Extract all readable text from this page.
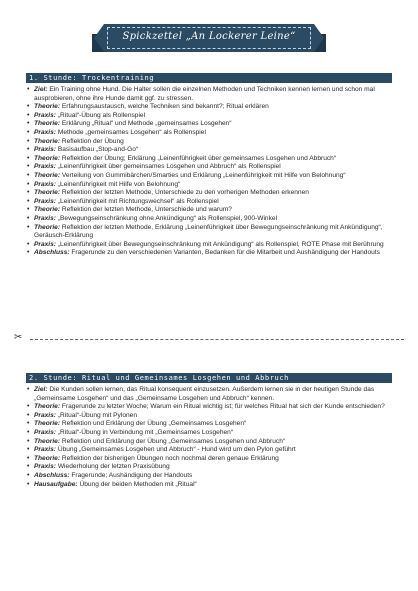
Spickzettel „An Lockerer Leine“
1. Stunde: Trockentraining
• Ziel: Ein Training ohne Hund. Die Halter sollen die einzelnen Methoden und Techniken kennen lernen und schon mal ausprobieren, ohne ihre Hunde damit ggf. zu stressen.
• Theorie: Erfahrungsaustausch, welche Techniken sind bekannt?; Ritual erklären
• Praxis: „Ritual“-Übung als Rollenspiel
• Theorie: Erklärung „Ritual“ und Methode „gemeinsames Losgehen“
• Praxis: Methode „gemeinsames Losgehen“ als Rollenspiel
• Theorie: Reflektion der Übung
• Praxis: Basisaufbau „Stop-and-Go“
• Theorie: Reflektion der Übung; Erklärung „Leinenführigkeit über gemeinsames Losgehen und Abbruch“
• Praxis: „Leinenführigkeit über gemeinsames Losgehen und Abbruch“ als Rollenspiel
• Theorie: Verteilung von Gummibärchen/Smarties und Erklärung „Leinenführigkeit mit Hilfe von Belohnung“
• Praxis: „Leinenführigkeit mit Hilfe von Belohnung“
• Theorie: Reflektion der letzten Methode, Unterschiede zu den vorherigen Methoden erkennen
• Praxis: „Leinenführigkeit mit Richtungswechsel“ als Rollenspiel
• Theorie: Reflektion der letzten Methode, Unterschiede und warum?
• Praxis: „Bewegungseinschränkung ohne Ankündigung“ als Rollenspiel, 900-Winkel
• Theorie: Reflektion der letzten Methode, Erklärung „Leinenführigkeit über Bewegungseinschränkung mit Ankündigung“, Geräusch-Erklärung
• Praxis: „Leinenführigkeit über Bewegungseinschränkung mit Ankündigung“ als Rollenspiel, ROTE Phase mit Berührung
• Abschluss: Fragerunde zu den verschiedenen Varianten, Bedanken für die Mitarbeit und Aushändigung der Handouts
✂
2. Stunde: Ritual und Gemeinsames Losgehen und Abbruch
• Ziel: Die Kunden sollen lernen, das Ritual konsequent einzusetzen. Außerdem lernen sie in der heutigen Stunde das „Gemeinsame Losgehen“ und das „Gemeinsame Losgehen und Abbruch“ kennen.
• Theorie: Fragerunde zu letzter Woche; Warum ein Ritual wichtig ist; für welches Ritual hat sich der Kunde entschieden?
• Praxis: „Ritual“-Übung mit Pylonen
• Theorie: Reflektion und Erklärung der Übung „Gemeinsames Losgehen“
• Praxis: „Ritual“-Übung in Verbindung mit „Gemeinsames Losgehen“
• Theorie: Reflektion und Erklärung der Übung „Gemeinsames Losgehen und Abbruch“
• Praxis: Übung „Gemeinsames Losgehen und Abbruch“ - Hund wird um den Pylon geführt
• Theorie: Reflektion der bisherigen Übungen noch nochmal deren genaue Erklärung
• Praxis: Wiederholung der letzten Praxisübung
• Abschluss: Fragerunde; Aushändigung der Handouts
• Hausaufgabe: Übung der beiden Methoden mit „Ritual“
